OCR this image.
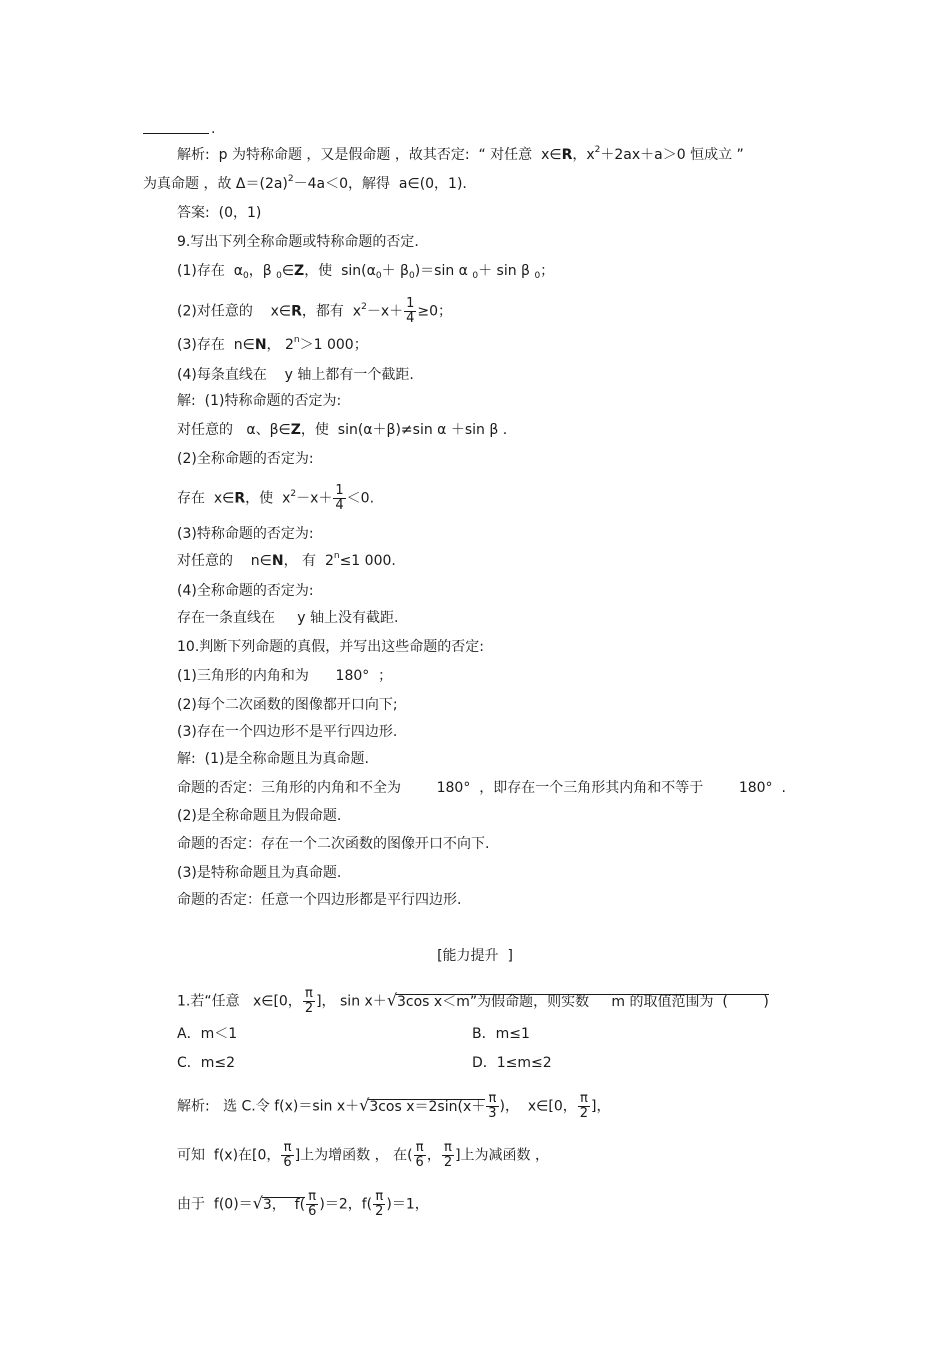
.
解析:  p 为特称命题 ，又是假命题 ，故其否定:  “ 对任意  x∈R，$x^2+2ax+a>0$ 恒成立 ”
为真命题 ，故 $\Delta=(2a)^2-4a<0$，解得  a∈(0，1).
答案:  (0，1)
9.写出下列全称命题或特称命题的否定.
(1)存在  $\alpha_0$，β $_0$∈Z，使  $\sin(\alpha_0+ \beta_0)=\sin$ α $_0$＋ sin β $_0$；
(2)对任意的    x∈R，都有  $x^2-x+ \frac{1}{4} \ge 0$；
(3)存在  n∈N， $2^n>1$ 000；
(4)每条直线在    y 轴上都有一个截距.
解:  (1)特称命题的否定为:
对任意的   α、β∈Z，使  sin(α＋β)≠sin α ＋sin β .
(2)全称命题的否定为:
存在  x∈R，使  $x^2-x+ \frac{1}{4} <0$.
(3)特称命题的否定为:
对任意的    n∈N， 有  $2^n\le 1$ 000.
(4)全称命题的否定为:
存在一条直线在     y 轴上没有截距.
10.判断下列命题的真假，并写出这些命题的否定:
(1)三角形的内角和为      180°  ；
(2)每个二次函数的图像都开口向下;
(3)存在一个四边形不是平行四边形.
解:  (1)是全称命题且为真命题.
命题的否定：三角形的内角和不全为        180°  ，即存在一个三角形其内角和不等于        180°  .
(2)是全称命题且为假命题.
命题的否定：存在一个二次函数的图像开口不向下.
(3)是特称命题且为真命题.
命题的否定：任意一个四边形都是平行四边形.
[能力提升  ]
1.若“任意   x∈[0， $\frac{\pi}{2}$ ]， sin x＋√3cos x＜m”为假命题，则实数     m 的取值范围为  (        )
A．m＜1	B．m≤1
C．m≤2	D．1≤m≤2
解析:   选 C.令 f(x)＝sin x＋√3cos $x=2\sin(x+ \frac{\pi}{3}$ )，  x∈[0， $\frac{\pi}{2}$ ]，
可知  f(x)在[0， $\frac{\pi}{6}$ ]上为增函数 ， 在( $\frac{\pi}{6}$ ， $\frac{\pi}{2}$ ]上为减函数 ，
由于  f(0)＝√3，  $f( \frac{\pi}{6} )=2$，$f( \frac{\pi}{2} )=1$，
